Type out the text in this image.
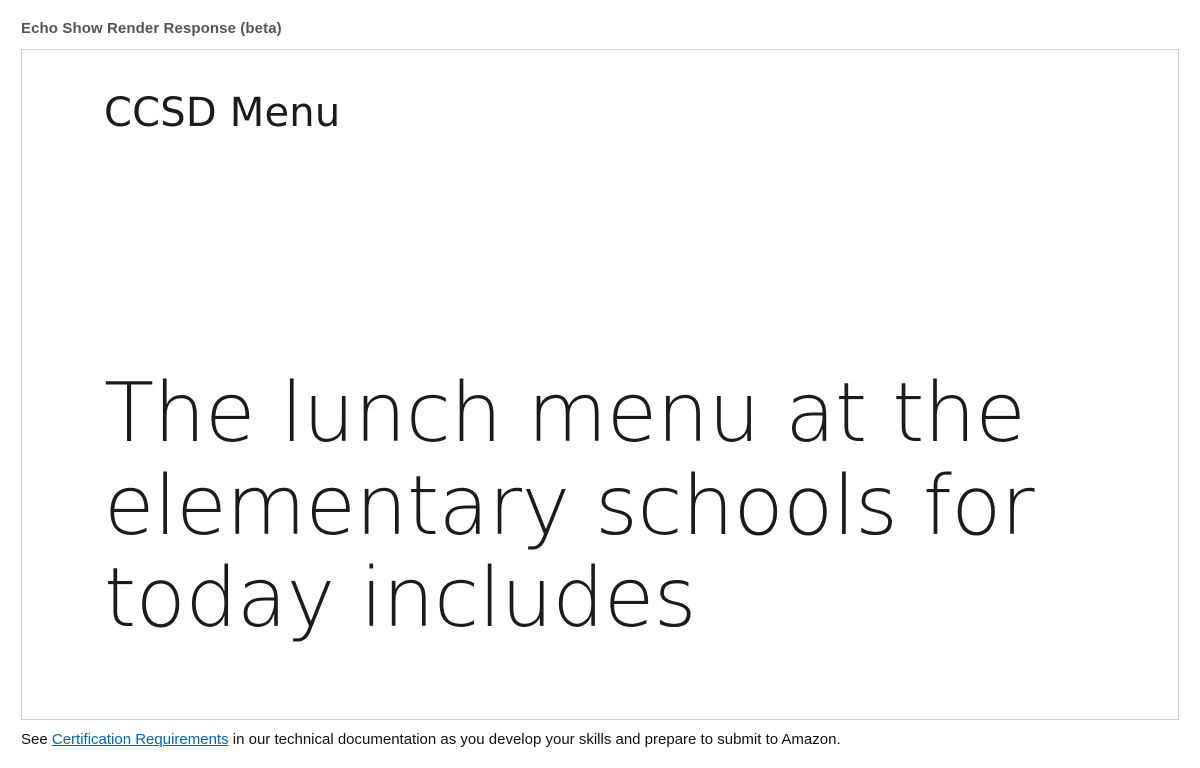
Echo Show Render Response (beta)
CCSD Menu
The lunch menu at the elementary schools for today includes
See Certification Requirements in our technical documentation as you develop your skills and prepare to submit to Amazon.
